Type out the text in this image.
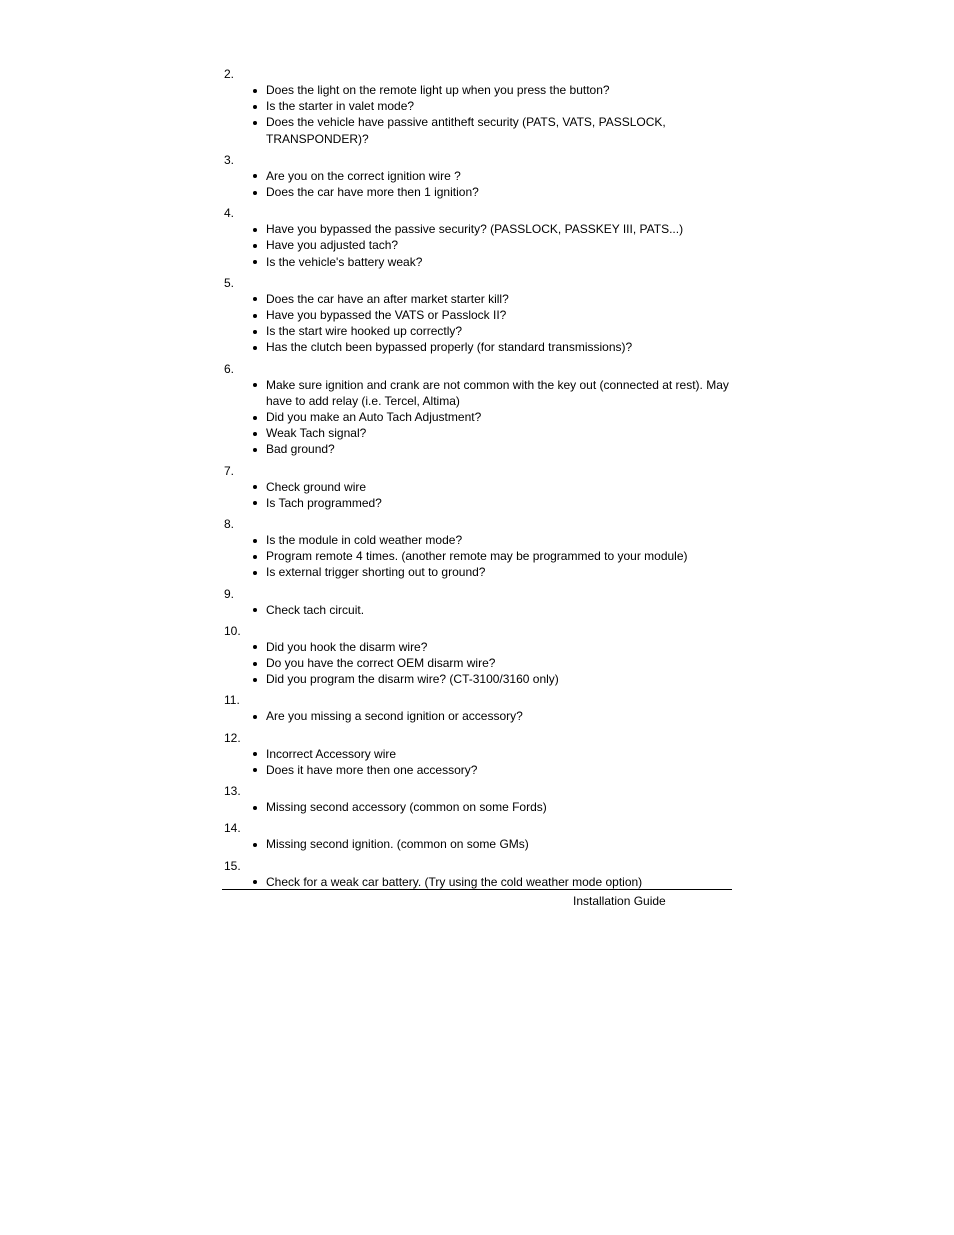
2.
Does the light on the remote light up when you press the button?
Is the starter in valet mode?
Does the vehicle have passive antitheft security (PATS, VATS, PASSLOCK, TRANSPONDER)?
3.
Are you on the correct ignition wire ?
Does the car have more then 1 ignition?
4.
Have you bypassed the passive security? (PASSLOCK, PASSKEY III, PATS...)
Have you adjusted tach?
Is the vehicle's battery weak?
5.
Does the car have an after market starter kill?
Have you bypassed the VATS or Passlock II?
Is the start wire hooked up correctly?
Has the clutch been bypassed properly (for standard transmissions)?
6.
Make sure ignition and crank are not common with the key out (connected at rest). May have to add relay (i.e. Tercel, Altima)
Did you make an Auto Tach Adjustment?
Weak Tach signal?
Bad ground?
7.
Check ground wire
Is Tach programmed?
8.
Is the module in cold weather mode?
Program remote 4 times. (another remote may be programmed to your module)
Is external trigger shorting out to ground?
9.
Check tach circuit.
10.
Did you hook the disarm wire?
Do you have the correct OEM disarm wire?
Did you program the disarm wire? (CT-3100/3160 only)
11.
Are you missing a second ignition or accessory?
12.
Incorrect Accessory wire
Does it have more then one accessory?
13.
Missing second accessory (common on some Fords)
14.
Missing second ignition. (common on some GMs)
15.
Check for a weak car battery. (Try using the cold weather mode option)
Installation Guide
